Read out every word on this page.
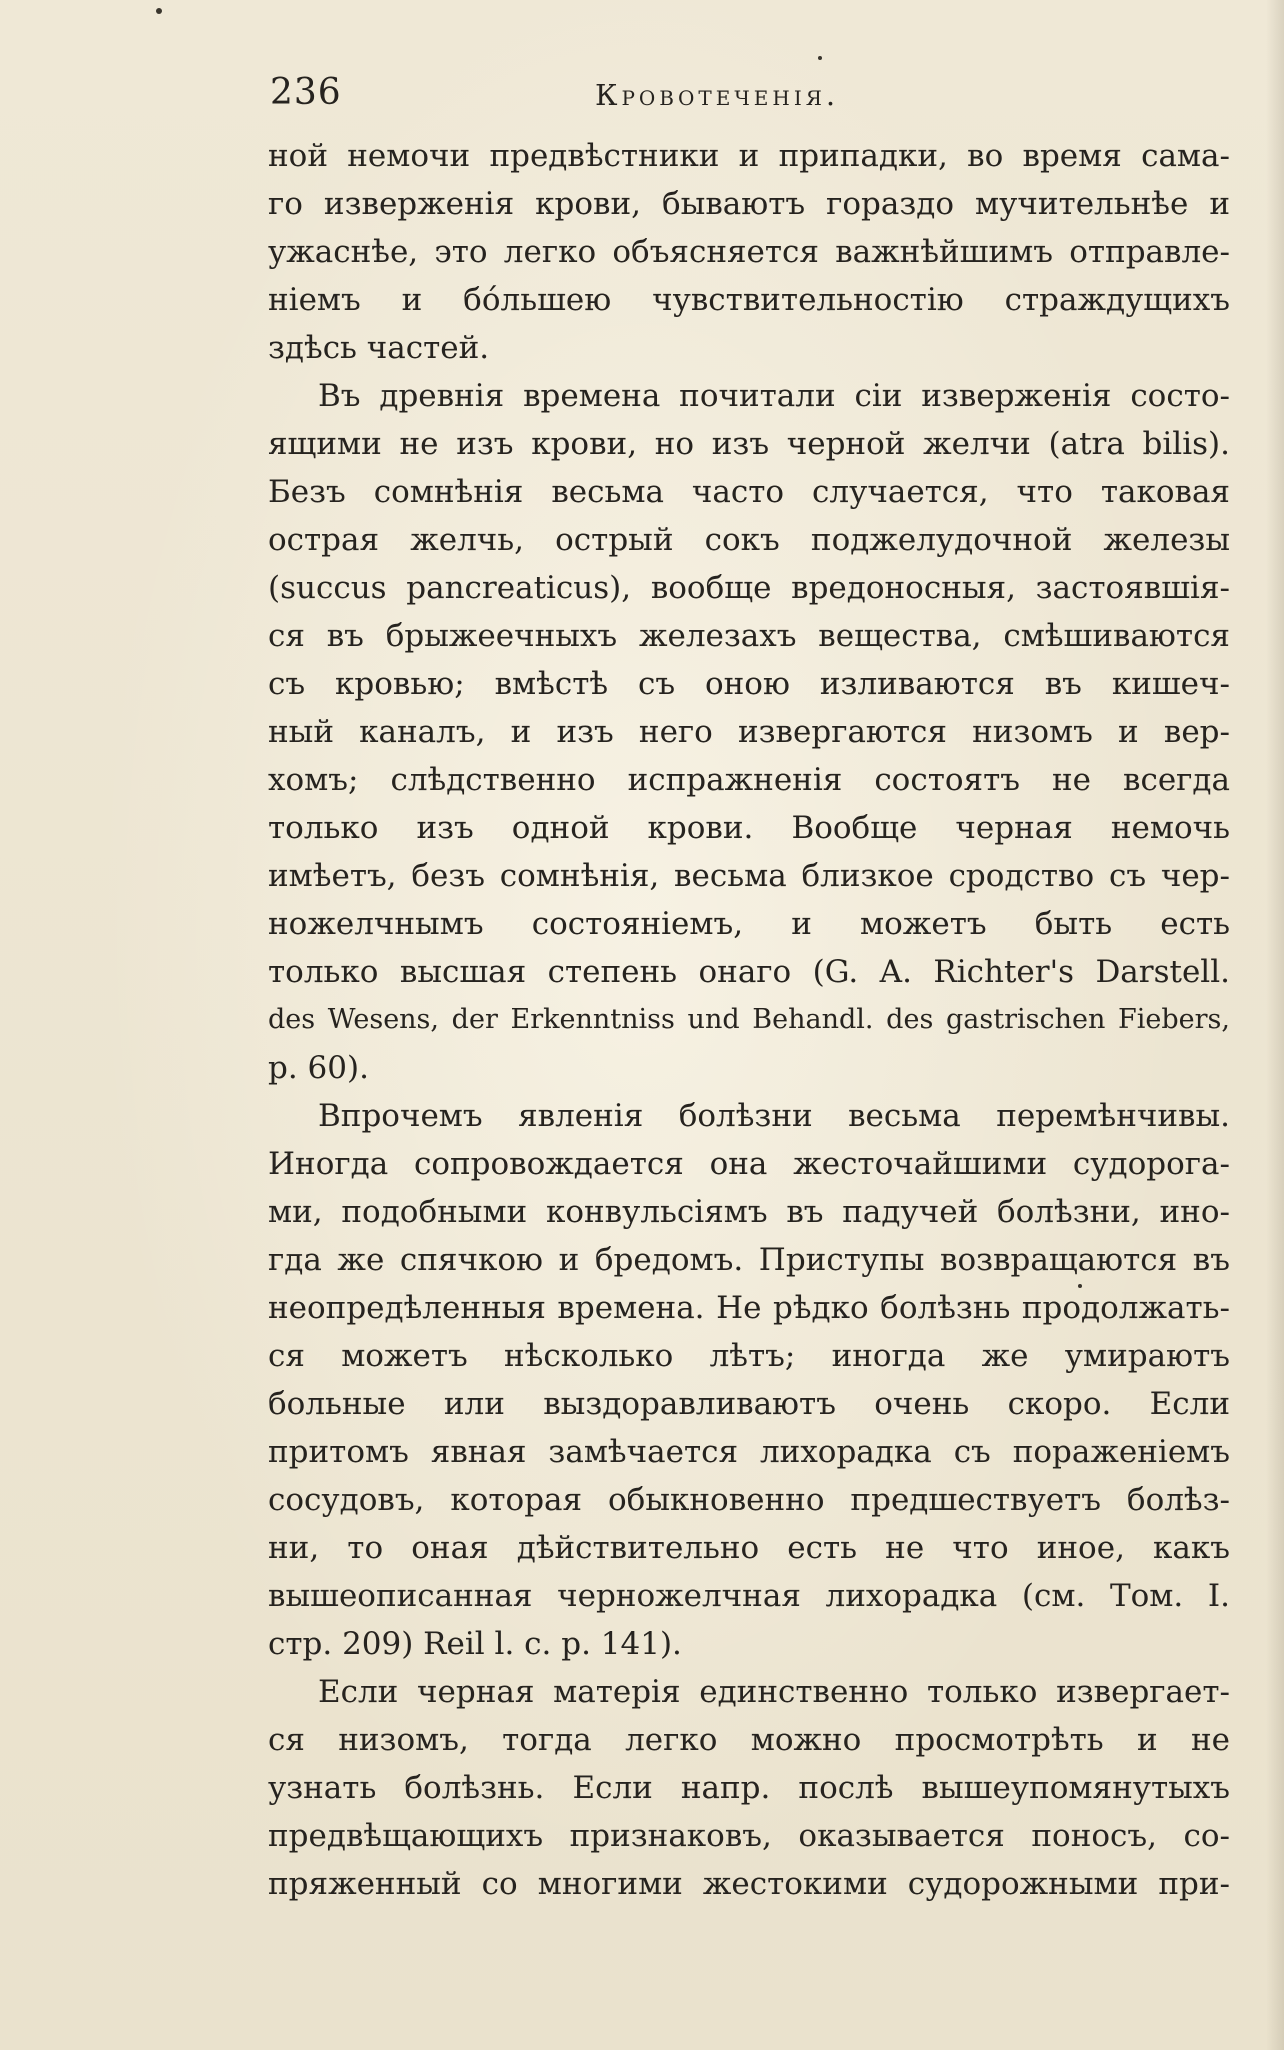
236	Кровотеченія.
ной немочи предвѣстники и припадки, во время сама-
го изверженія крови, бываютъ гораздо мучительнѣе и
ужаснѣе, это легко объясняется важнѣйшимъ отправле-
ніемъ и бóльшею чувствительностію страждущихъ
здѣсь частей.
Въ древнія времена почитали сіи изверженія состо-
ящими не изъ крови, но изъ черной желчи (atra bilis).
Безъ сомнѣнія весьма часто случается, что таковая
острая желчь, острый сокъ поджелудочной железы
(succus pancreaticus), вообще вредоносныя, застоявшія-
ся въ брыжеечныхъ железахъ вещества, смѣшиваются
съ кровью; вмѣстѣ съ оною изливаются въ кишеч-
ный каналъ, и изъ него извергаются низомъ и вер-
хомъ; слѣдственно испражненія состоятъ не всегда
только изъ одной крови. Вообще черная немочь
имѣетъ, безъ сомнѣнія, весьма близкое сродство съ чер-
ножелчнымъ состояніемъ, и можетъ быть есть
только высшая степень онаго (G. A. Richter's Darstell.
des Wesens, der Erkenntniss und Behandl. des gastrischen Fiebers,
p. 60).
Впрочемъ явленія болѣзни весьма перемѣнчивы.
Иногда сопровождается она жесточайшими судорога-
ми, подобными конвульсіямъ въ падучей болѣзни, ино-
гда же спячкою и бредомъ. Приступы возвращаются въ
неопредѣленныя времена. Не рѣдко болѣзнь продолжать-
ся можетъ нѣсколько лѣтъ; иногда же умираютъ
больные или выздоравливаютъ очень скоро. Если
притомъ явная замѣчается лихорадка съ пораженіемъ
сосудовъ, которая обыкновенно предшествуетъ болѣз-
ни, то оная дѣйствительно есть не что иное, какъ
вышеописанная черножелчная лихорадка (см. Том. I.
стр. 209) Reil l. c. p. 141).
Если черная матерія единственно только извергает-
ся низомъ, тогда легко можно просмотрѣть и не
узнать болѣзнь. Если напр. послѣ вышеупомянутыхъ
предвѣщающихъ признаковъ, оказывается поносъ, со-
пряженный со многими жестокими судорожными при-
